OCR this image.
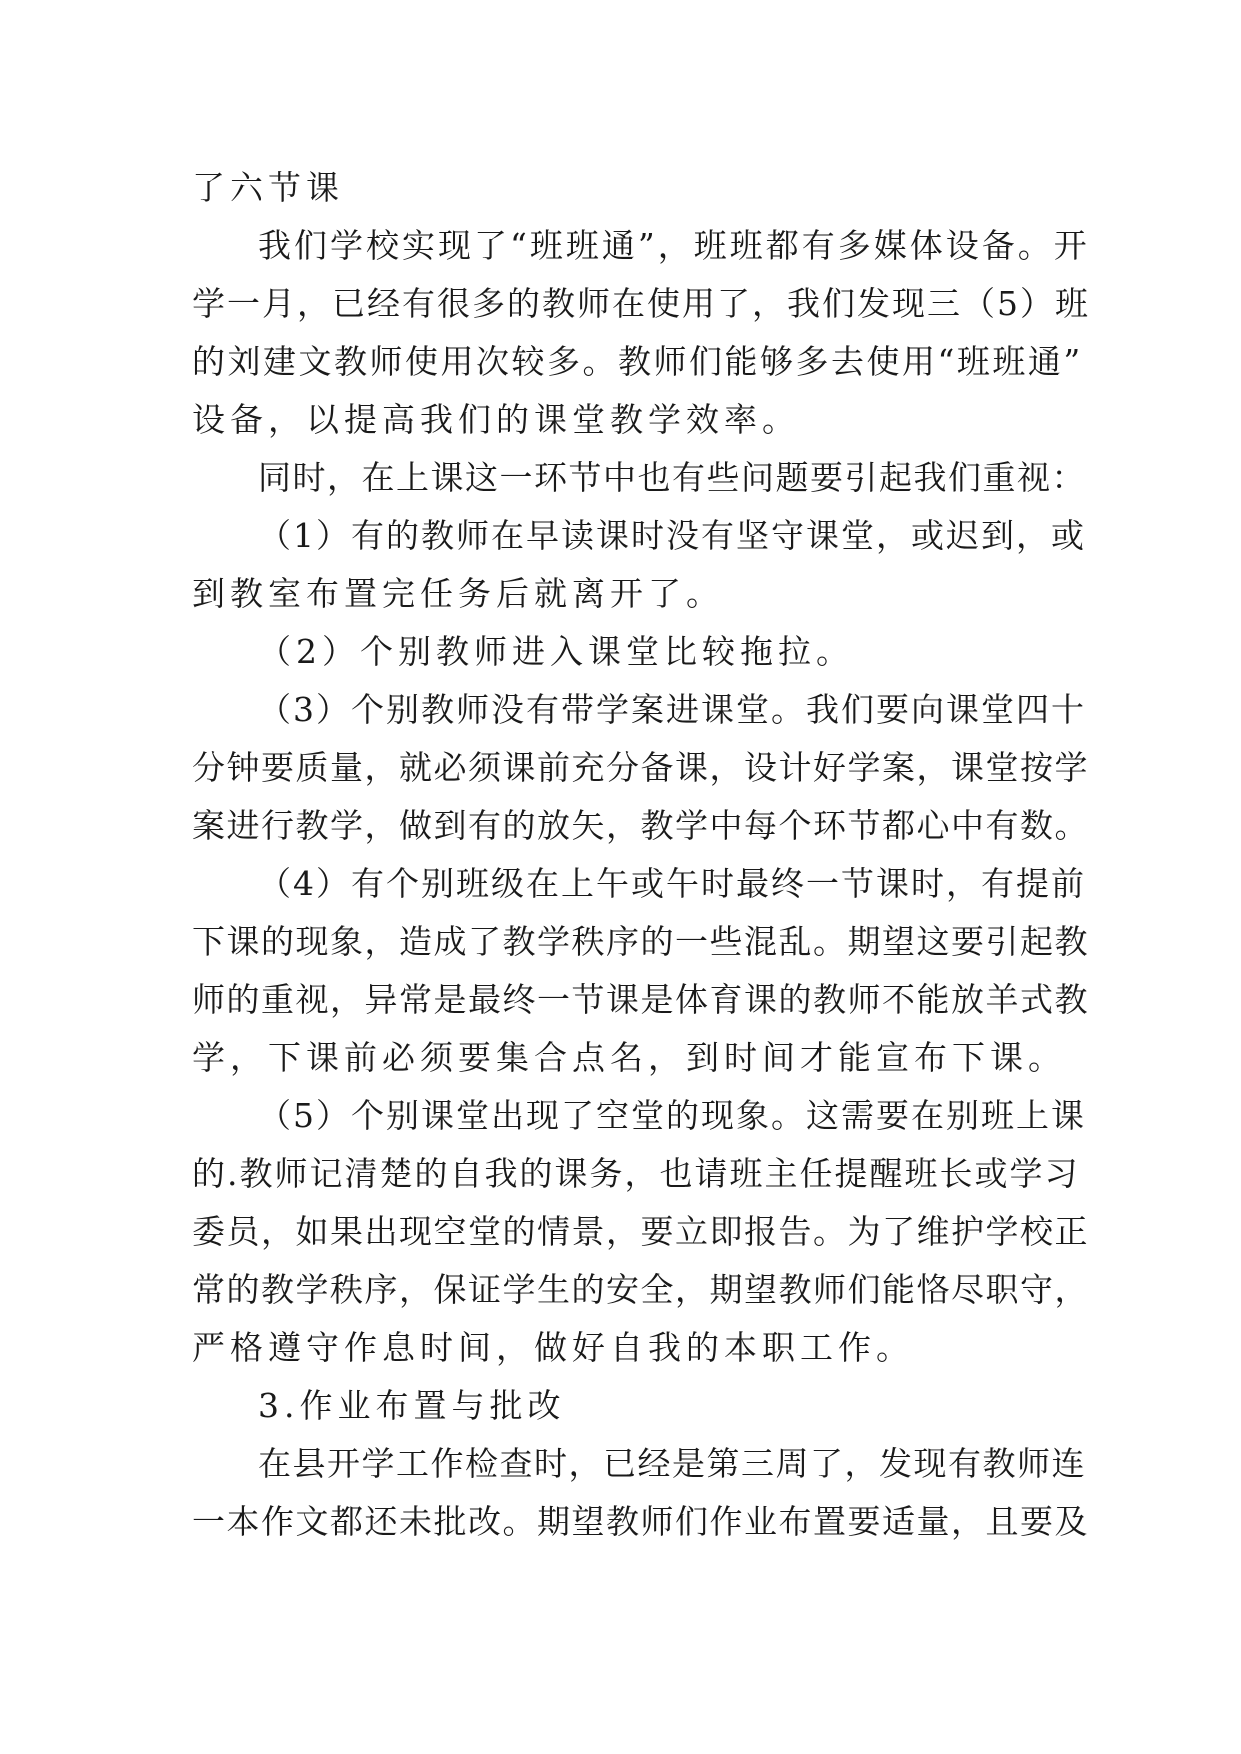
了六节课
我们学校实现了“班班通”，班班都有多媒体设备。开
学一月，已经有很多的教师在使用了，我们发现三（5）班
的刘建文教师使用次较多。教师们能够多去使用“班班通”
设备，以提高我们的课堂教学效率。
同时，在上课这一环节中也有些问题要引起我们重视：
（1）有的教师在早读课时没有坚守课堂，或迟到，或
到教室布置完任务后就离开了。
（2）个别教师进入课堂比较拖拉。
（3）个别教师没有带学案进课堂。我们要向课堂四十
分钟要质量，就必须课前充分备课，设计好学案，课堂按学
案进行教学，做到有的放矢，教学中每个环节都心中有数。
（4）有个别班级在上午或午时最终一节课时，有提前
下课的现象，造成了教学秩序的一些混乱。期望这要引起教
师的重视，异常是最终一节课是体育课的教师不能放羊式教
学，下课前必须要集合点名，到时间才能宣布下课。
（5）个别课堂出现了空堂的现象。这需要在别班上课
的.教师记清楚的自我的课务，也请班主任提醒班长或学习
委员，如果出现空堂的情景，要立即报告。为了维护学校正
常的教学秩序，保证学生的安全，期望教师们能恪尽职守，
严格遵守作息时间，做好自我的本职工作。
3.作业布置与批改
在县开学工作检查时，已经是第三周了，发现有教师连
一本作文都还未批改。期望教师们作业布置要适量，且要及
